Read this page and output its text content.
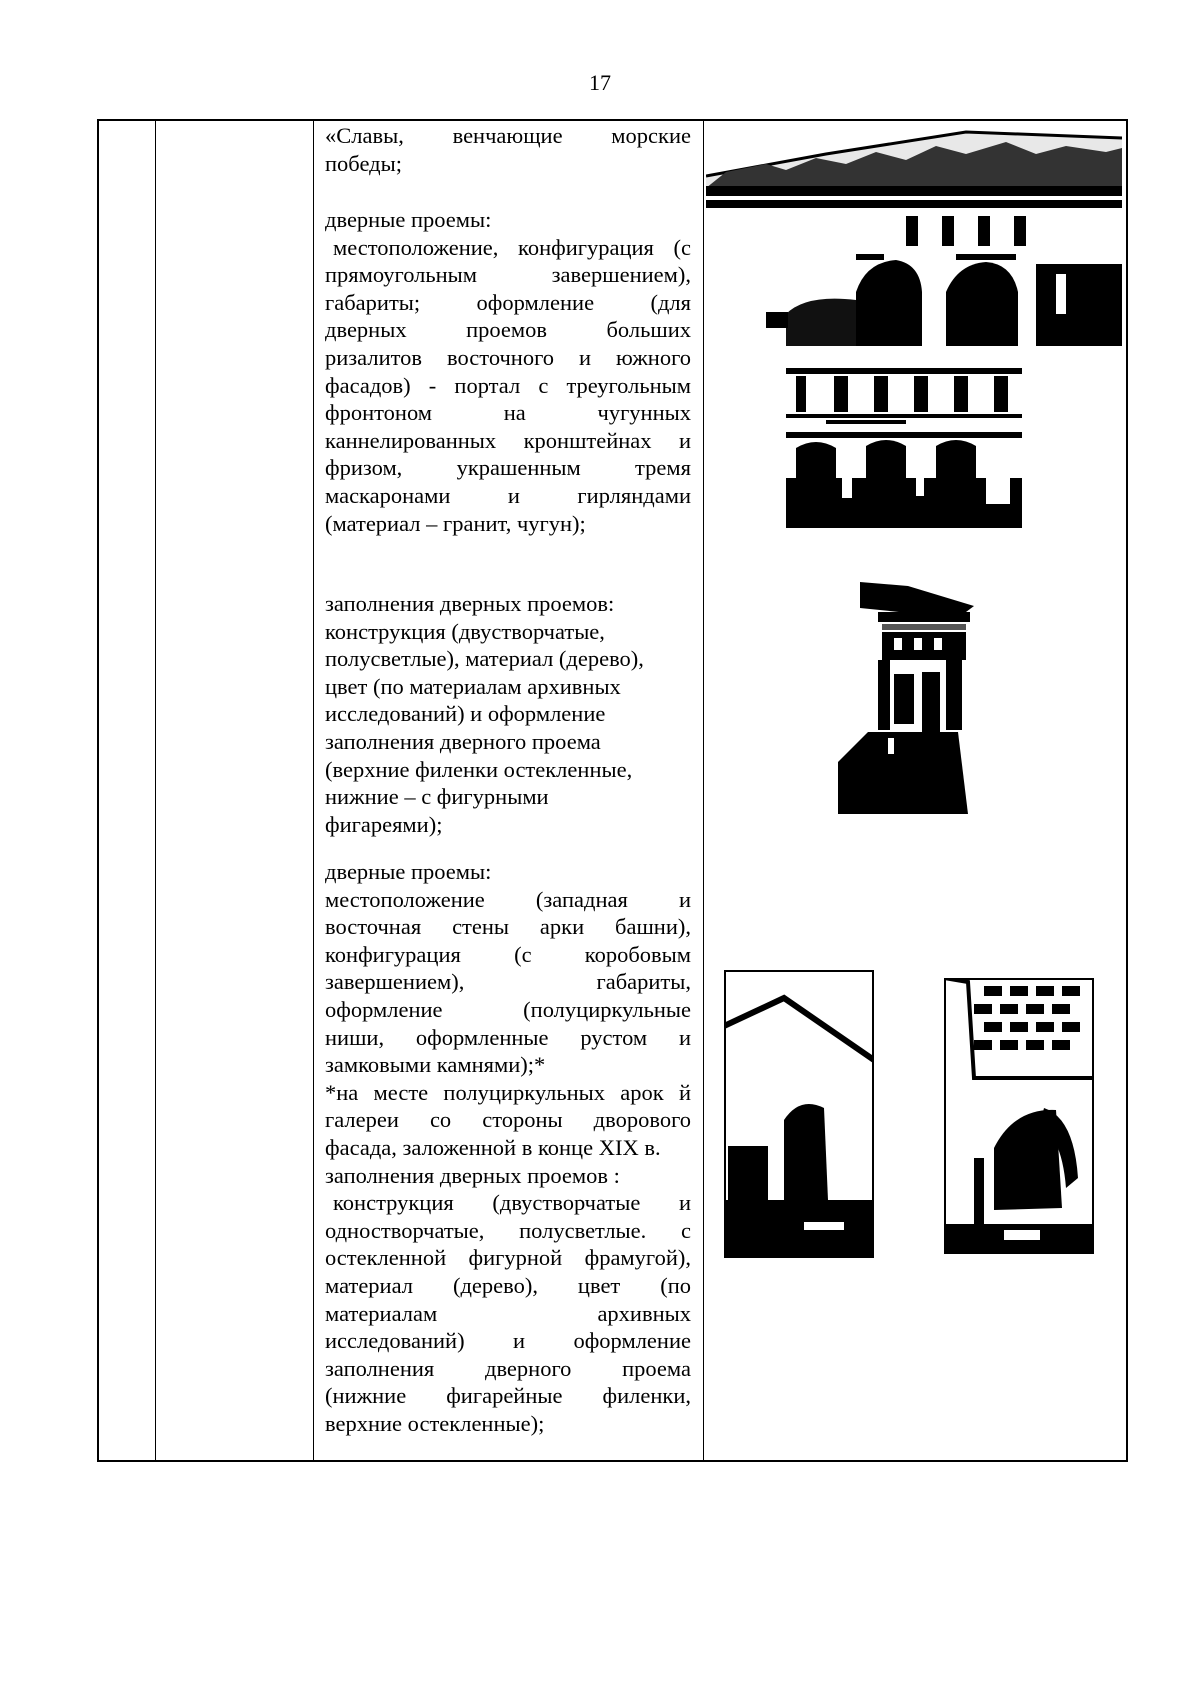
17
«Славы, венчающие морские
победы;
дверные проемы:
местоположение, конфигурация (с
прямоугольным завершением),
габариты; оформление (для
дверных проемов больших
ризалитов восточного и южного
фасадов) - портал с треугольным
фронтоном на чугунных
каннелированных кронштейнах и
фризом, украшенным тремя
маскаронами и гирляндами
(материал – гранит, чугун);
заполнения дверных проемов:
конструкция (двустворчатые,
полусветлые), материал (дерево),
цвет (по материалам архивных
исследований) и оформление
заполнения дверного проема
(верхние филенки остекленные,
нижние – с фигурными
фигареями);
дверные проемы:
местоположение (западная и
восточная стены арки башни),
конфигурация (с коробовым
завершением), габариты,
оформление (полуциркульные
ниши, оформленные рустом и
замковыми камнями);*
*на месте полуциркульных арок й
галереи со стороны дворового
фасада, заложенной в конце XIX в.
заполнения дверных проемов :
конструкция (двустворчатые и
одностворчатые, полусветлые. с
остекленной фигурной фрамугой),
материал (дерево), цвет (по
материалам архивных
исследований) и оформление
заполнения дверного проема
(нижние фигарейные филенки,
верхние остекленные);
